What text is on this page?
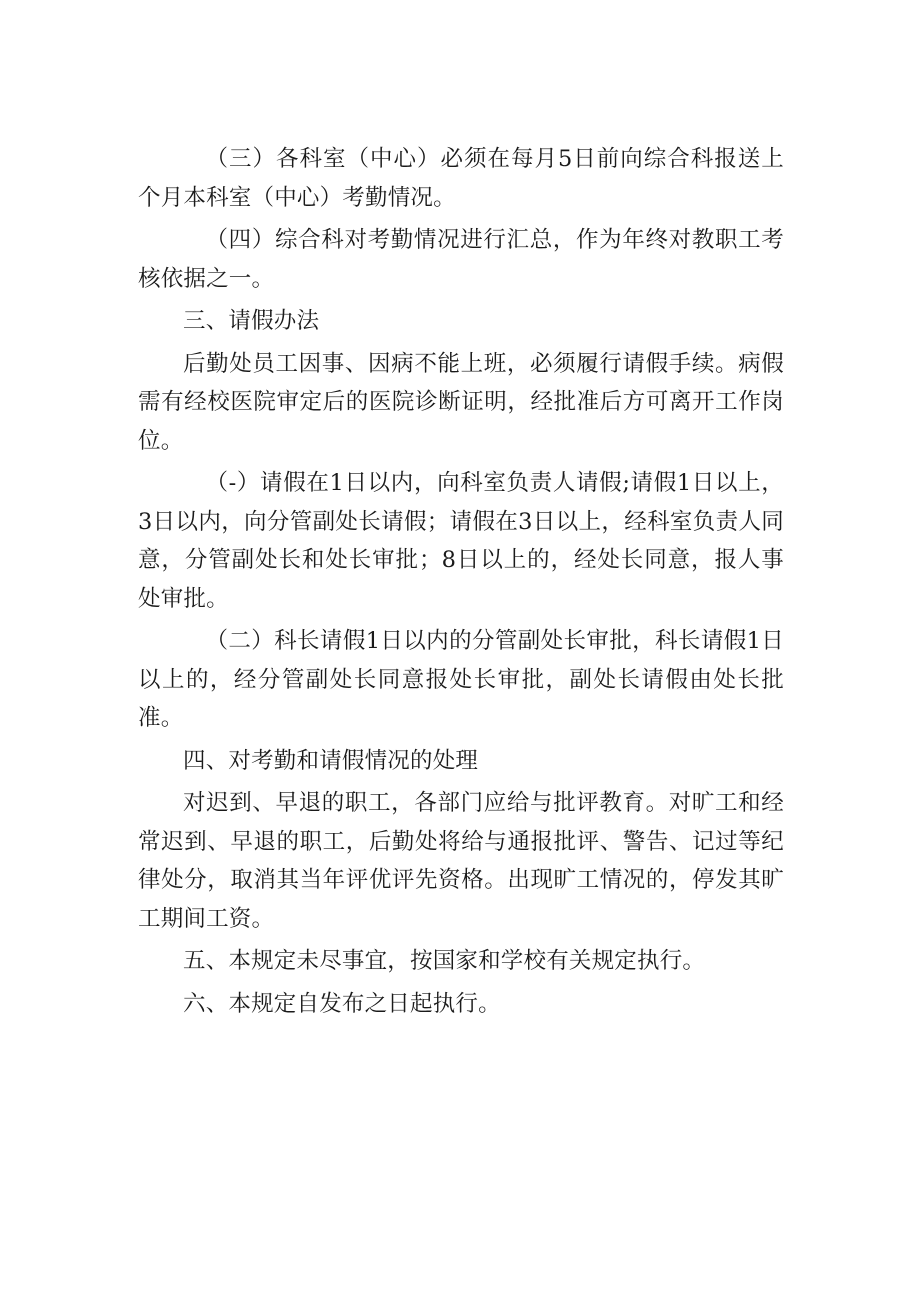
（三）各科室（中心）必须在每月5日前向综合科报送上个月本科室（中心）考勤情况。

（四）综合科对考勤情况进行汇总，作为年终对教职工考核依据之一。

三、请假办法

后勤处员工因事、因病不能上班，必须履行请假手续。病假需有经校医院审定后的医院诊断证明，经批准后方可离开工作岗位。

（-）请假在1日以内，向科室负责人请假;请假1日以上，3日以内，向分管副处长请假；请假在3日以上，经科室负责人同意，分管副处长和处长审批；8日以上的，经处长同意，报人事处审批。

（二）科长请假1日以内的分管副处长审批，科长请假1日以上的，经分管副处长同意报处长审批，副处长请假由处长批准。

四、对考勤和请假情况的处理

对迟到、早退的职工，各部门应给与批评教育。对旷工和经常迟到、早退的职工，后勤处将给与通报批评、警告、记过等纪律处分，取消其当年评优评先资格。出现旷工情况的，停发其旷工期间工资。

五、本规定未尽事宜，按国家和学校有关规定执行。

六、本规定自发布之日起执行。
